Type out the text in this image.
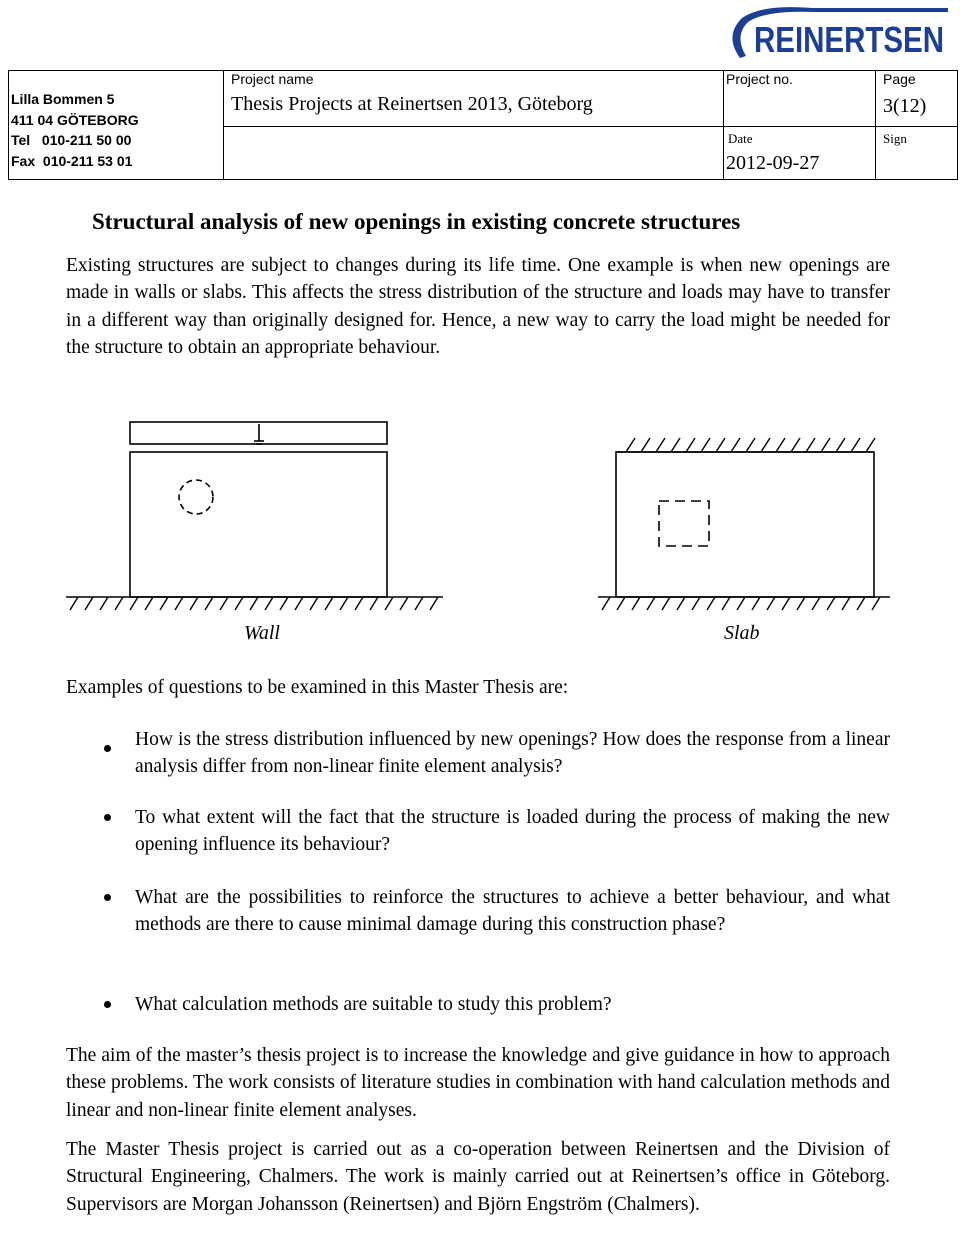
REINERTSEN
Lilla Bommen 5
411 04 GÖTEBORG
Tel   010-211 50 00
Fax  010-211 53 01
Project name
Thesis Projects at Reinertsen 2013, Göteborg
Project no.	Page
3(12)
Date
2012-09-27
Sign
Structural analysis of new openings in existing concrete structures
Existing structures are subject to changes during its life time. One example is when new openings are made in walls or slabs. This affects the stress distribution of the structure and loads may have to transfer in a different way than originally designed for. Hence, a new way to carry the load might be needed for the structure to obtain an appropriate behaviour.
Wall	Slab
Examples of questions to be examined in this Master Thesis are:
How is the stress distribution influenced by new openings? How does the response from a linear analysis differ from non-linear finite element analysis?
To what extent will the fact that the structure is loaded during the process of making the new opening influence its behaviour?
What are the possibilities to reinforce the structures to achieve a better behaviour, and what methods are there to cause minimal damage during this construction phase?
What calculation methods are suitable to study this problem?
The aim of the master’s thesis project is to increase the knowledge and give guidance in how to approach these problems. The work consists of literature studies in combination with hand calculation methods and linear and non-linear finite element analyses.
The Master Thesis project is carried out as a co-operation between Reinertsen and the Division of Structural Engineering, Chalmers. The work is mainly carried out at Reinertsen’s office in Göteborg. Supervisors are Morgan Johansson (Reinertsen) and Björn Engström (Chalmers).
